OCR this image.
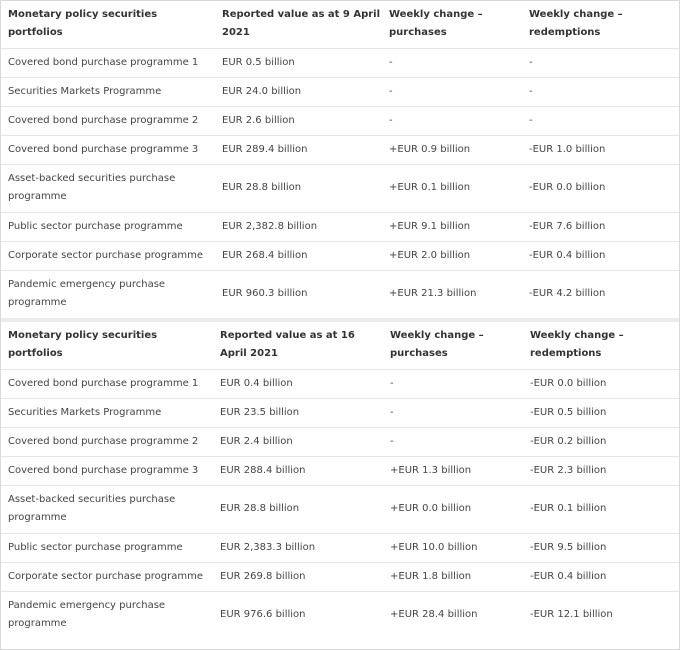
Monetary policy securities portfolios	Reported value as at 9 April 2021	Weekly change – purchases	Weekly change – redemptions
Covered bond purchase programme 1	EUR 0.5 billion	-	-
Securities Markets Programme	EUR 24.0 billion	-	-
Covered bond purchase programme 2	EUR 2.6 billion	-	-
Covered bond purchase programme 3	EUR 289.4 billion	+EUR 0.9 billion	-EUR 1.0 billion
Asset-backed securities purchase programme	EUR 28.8 billion	+EUR 0.1 billion	-EUR 0.0 billion
Public sector purchase programme	EUR 2,382.8 billion	+EUR 9.1 billion	-EUR 7.6 billion
Corporate sector purchase programme	EUR 268.4 billion	+EUR 2.0 billion	-EUR 0.4 billion
Pandemic emergency purchase programme	EUR 960.3 billion	+EUR 21.3 billion	-EUR 4.2 billion
Monetary policy securities portfolios	Reported value as at 16 April 2021	Weekly change – purchases	Weekly change – redemptions
Covered bond purchase programme 1	EUR 0.4 billion	-	-EUR 0.0 billion
Securities Markets Programme	EUR 23.5 billion	-	-EUR 0.5 billion
Covered bond purchase programme 2	EUR 2.4 billion	-	-EUR 0.2 billion
Covered bond purchase programme 3	EUR 288.4 billion	+EUR 1.3 billion	-EUR 2.3 billion
Asset-backed securities purchase programme	EUR 28.8 billion	+EUR 0.0 billion	-EUR 0.1 billion
Public sector purchase programme	EUR 2,383.3 billion	+EUR 10.0 billion	-EUR 9.5 billion
Corporate sector purchase programme	EUR 269.8 billion	+EUR 1.8 billion	-EUR 0.4 billion
Pandemic emergency purchase programme	EUR 976.6 billion	+EUR 28.4 billion	-EUR 12.1 billion
